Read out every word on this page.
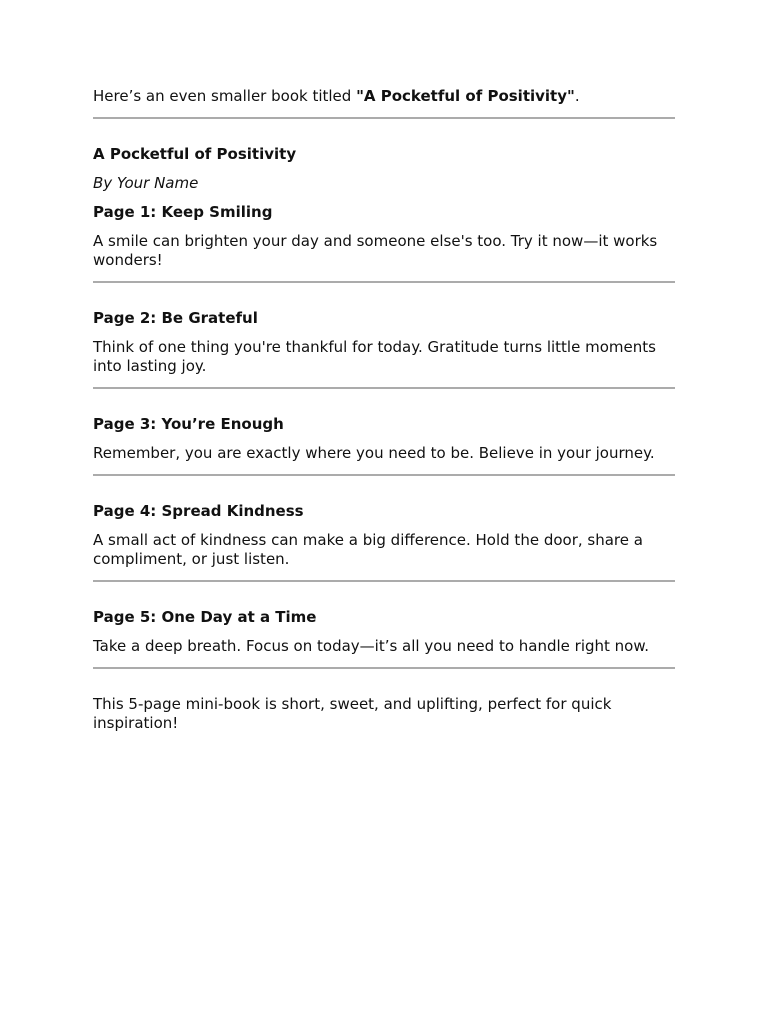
Here’s an even smaller book titled "A Pocketful of Positivity".

A Pocketful of Positivity

By Your Name

Page 1: Keep Smiling

A smile can brighten your day and someone else's too. Try it now—it works wonders!

Page 2: Be Grateful

Think of one thing you're thankful for today. Gratitude turns little moments into lasting joy.

Page 3: You’re Enough

Remember, you are exactly where you need to be. Believe in your journey.

Page 4: Spread Kindness

A small act of kindness can make a big difference. Hold the door, share a compliment, or just listen.

Page 5: One Day at a Time

Take a deep breath. Focus on today—it’s all you need to handle right now.

This 5-page mini-book is short, sweet, and uplifting, perfect for quick inspiration!
